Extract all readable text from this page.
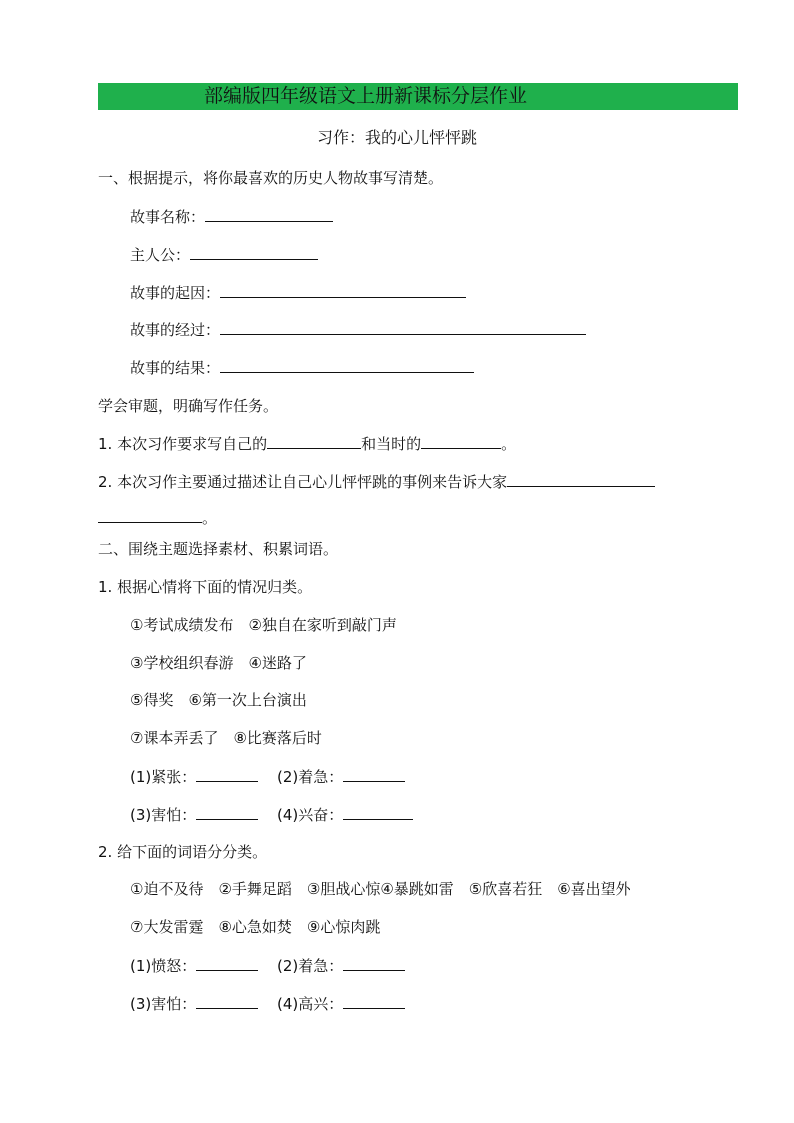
部编版四年级语文上册新课标分层作业
习作：我的心儿怦怦跳
一、根据提示，将你最喜欢的历史人物故事写清楚。
故事名称：
主人公：
故事的起因：
故事的经过：
故事的结果：
学会审题，明确写作任务。
1. 本次习作要求写自己的	和当时的	。
2. 本次习作主要通过描述让自己心儿怦怦跳的事例来告诉大家
。
二、围绕主题选择素材、积累词语。
1. 根据心情将下面的情况归类。
①考试成绩发布　②独自在家听到敲门声
③学校组织春游　④迷路了
⑤得奖　⑥第一次上台演出
⑦课本弄丢了　⑧比赛落后时
(1)紧张：	(2)着急：
(3)害怕：	(4)兴奋：
2. 给下面的词语分分类。
①迫不及待　②手舞足蹈　③胆战心惊④暴跳如雷　⑤欣喜若狂　⑥喜出望外
⑦大发雷霆　⑧心急如焚　⑨心惊肉跳
(1)愤怒：	(2)着急：
(3)害怕：	(4)高兴：
